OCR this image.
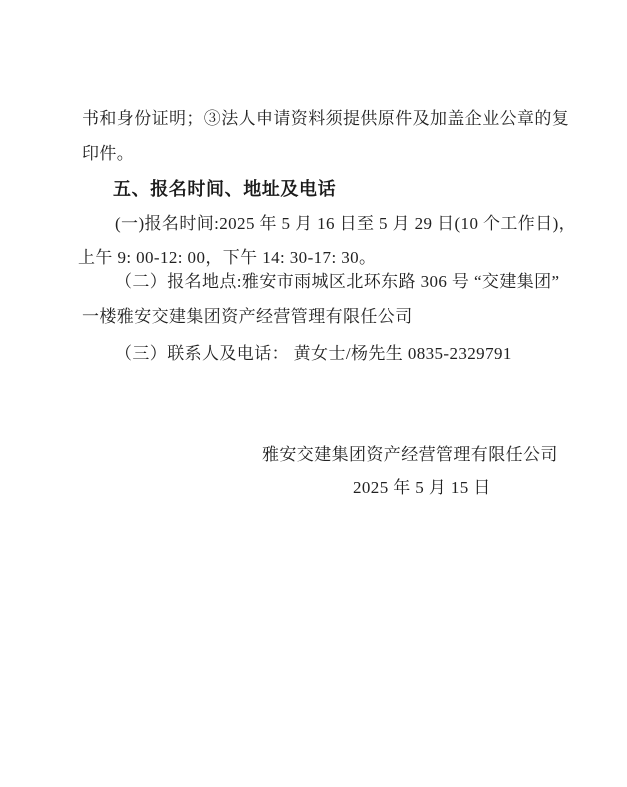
书和身份证明；③法人申请资料须提供原件及加盖企业公章的复
印件。
五、报名时间、地址及电话
(一)报名时间:2025 年 5 月 16 日至 5 月 29 日(10 个工作日)，
上午 9: 00-12: 00，下午 14: 30-17: 30。
（二）报名地点:雅安市雨城区北环东路 306 号 “交建集团”
一楼雅安交建集团资产经营管理有限任公司
（三）联系人及电话： 黄女士/杨先生 0835-2329791
雅安交建集团资产经营管理有限任公司
2025 年 5 月 15 日
